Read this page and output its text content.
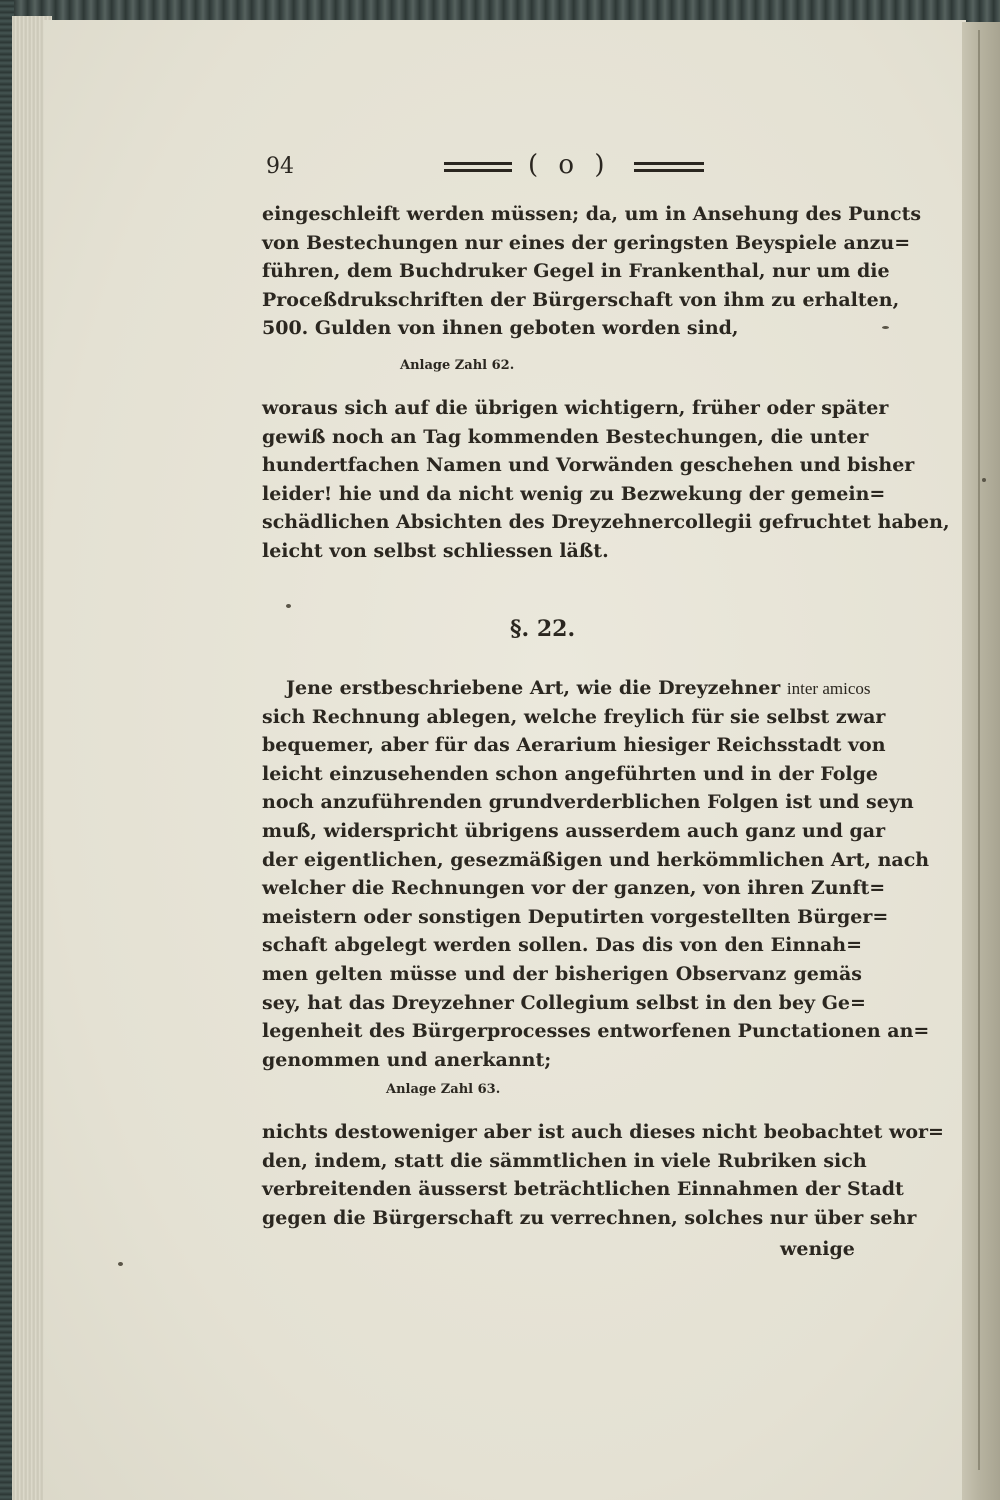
94	( o )
eingeschleift werden müssen; da, um in Ansehung des Puncts
von Bestechungen nur eines der geringsten Beyspiele anzu=
führen, dem Buchdruker Gegel in Frankenthal, nur um die
Proceßdrukschriften der Bürgerschaft von ihm zu erhalten,
500. Gulden von ihnen geboten worden sind,
Anlage Zahl 62.
woraus sich auf die übrigen wichtigern, früher oder später
gewiß noch an Tag kommenden Bestechungen, die unter
hundertfachen Namen und Vorwänden geschehen und bisher
leider! hie und da nicht wenig zu Bezwekung der gemein=
schädlichen Absichten des Dreyzehnercollegii gefruchtet haben,
leicht von selbst schliessen läßt.
§. 22.
Jene erstbeschriebene Art, wie die Dreyzehner inter amicos
sich Rechnung ablegen, welche freylich für sie selbst zwar
bequemer, aber für das Aerarium hiesiger Reichsstadt von
leicht einzusehenden schon angeführten und in der Folge
noch anzuführenden grundverderblichen Folgen ist und seyn
muß, widerspricht übrigens ausserdem auch ganz und gar
der eigentlichen, gesezmäßigen und herkömmlichen Art, nach
welcher die Rechnungen vor der ganzen, von ihren Zunft=
meistern oder sonstigen Deputirten vorgestellten Bürger=
schaft abgelegt werden sollen. Das dis von den Einnah=
men gelten müsse und der bisherigen Observanz gemäs
sey, hat das Dreyzehner Collegium selbst in den bey Ge=
legenheit des Bürgerprocesses entworfenen Punctationen an=
genommen und anerkannt;
Anlage Zahl 63.
nichts destoweniger aber ist auch dieses nicht beobachtet wor=
den, indem, statt die sämmtlichen in viele Rubriken sich
verbreitenden äusserst beträchtlichen Einnahmen der Stadt
gegen die Bürgerschaft zu verrechnen, solches nur über sehr
wenige
